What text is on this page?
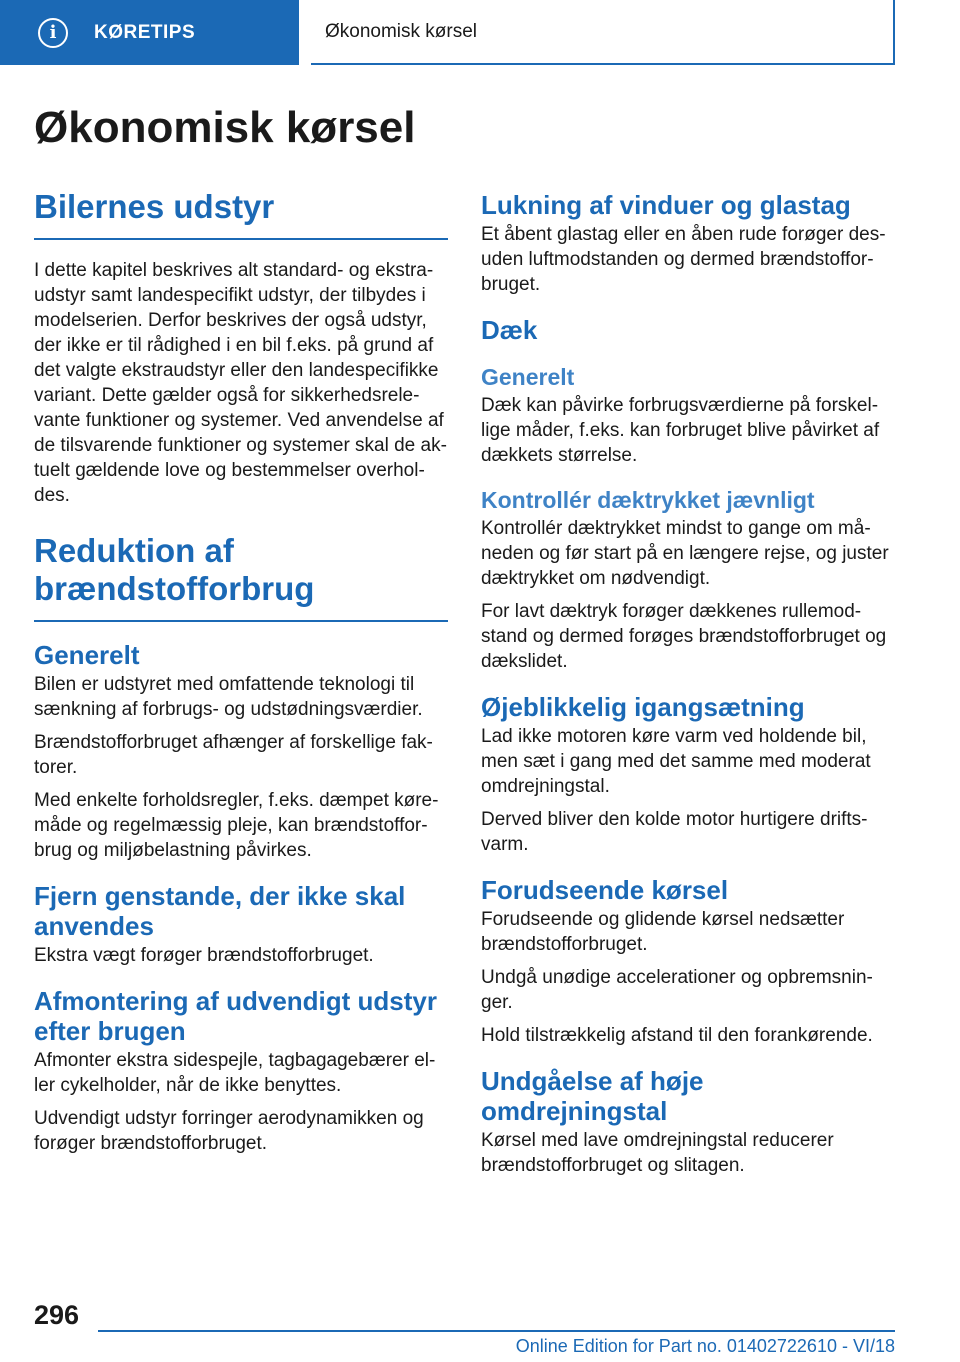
i	KØRETIPS	Økonomisk kørsel
Økonomisk kørsel
Bilernes udstyr

I dette kapitel beskrives alt standard- og ekstra-udstyr samt landespecifikt udstyr, der tilbydes i modelserien. Derfor beskrives der også udstyr, der ikke er til rådighed i en bil f.eks. på grund af det valgte ekstraudstyr eller den landespecifikke variant. Dette gælder også for sikkerhedsrele-vante funktioner og systemer. Ved anvendelse af de tilsvarende funktioner og systemer skal de ak-tuelt gældende love og bestemmelser overhol-des.

Reduktion af brændstofforbrug
Generelt

Bilen er udstyret med omfattende teknologi til sænkning af forbrugs- og udstødningsværdier.

Brændstofforbruget afhænger af forskellige fak-torer.

Med enkelte forholdsregler, f.eks. dæmpet køre-måde og regelmæssig pleje, kan brændstoffor-brug og miljøbelastning påvirkes.

Fjern genstande, der ikke skal anvendes

Ekstra vægt forøger brændstofforbruget.

Afmontering af udvendigt udstyr efter brugen

Afmonter ekstra sidespejle, tagbagagebærer el-ler cykelholder, når de ikke benyttes.

Udvendigt udstyr forringer aerodynamikken og forøger brændstofforbruget.

Lukning af vinduer og glastag

Et åbent glastag eller en åben rude forøger des-uden luftmodstanden og dermed brændstoffor-bruget.

Dæk
Generelt

Dæk kan påvirke forbrugsværdierne på forskel-lige måder, f.eks. kan forbruget blive påvirket af dækkets størrelse.

Kontrollér dæktrykket jævnligt

Kontrollér dæktrykket mindst to gange om må-neden og før start på en længere rejse, og juster dæktrykket om nødvendigt.

For lavt dæktryk forøger dækkenes rullemod-stand og dermed forøges brændstofforbruget og dækslidet.

Øjeblikkelig igangsætning

Lad ikke motoren køre varm ved holdende bil, men sæt i gang med det samme med moderat omdrejningstal.

Derved bliver den kolde motor hurtigere drifts-varm.

Forudseende kørsel

Forudseende og glidende kørsel nedsætter brændstofforbruget.

Undgå unødige accelerationer og opbremsnin-ger.

Hold tilstrækkelig afstand til den forankørende.

Undgåelse af høje omdrejningstal

Kørsel med lave omdrejningstal reducerer brændstofforbruget og slitagen.

296
Online Edition for Part no. 01402722610 - VI/18
